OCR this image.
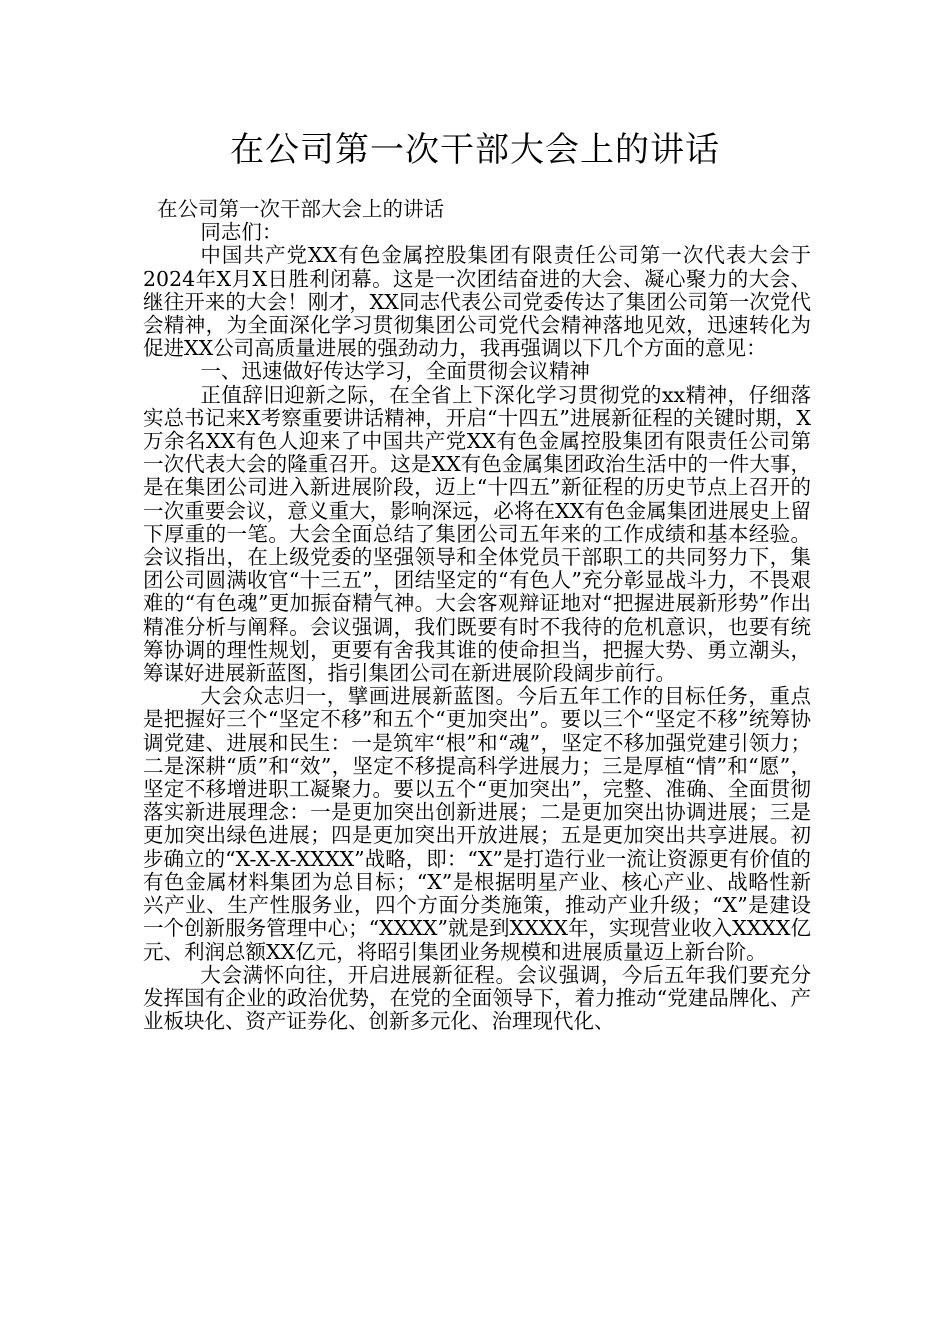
在公司第一次干部大会上的讲话

在公司第一次干部大会上的讲话

同志们：

中国共产党XX有色金属控股集团有限责任公司第一次代表大会于2024年X月X日胜利闭幕。这是一次团结奋进的大会、凝心聚力的大会、继往开来的大会！刚才，XX同志代表公司党委传达了集团公司第一次党代会精神，为全面深化学习贯彻集团公司党代会精神落地见效，迅速转化为促进XX公司高质量进展的强劲动力，我再强调以下几个方面的意见：

一、迅速做好传达学习，全面贯彻会议精神

正值辞旧迎新之际，在全省上下深化学习贯彻党的xx精神，仔细落实总书记来X考察重要讲话精神，开启“十四五”进展新征程的关键时期，X万余名XX有色人迎来了中国共产党XX有色金属控股集团有限责任公司第一次代表大会的隆重召开。这是XX有色金属集团政治生活中的一件大事，是在集团公司进入新进展阶段，迈上“十四五”新征程的历史节点上召开的一次重要会议，意义重大，影响深远，必将在XX有色金属集团进展史上留下厚重的一笔。大会全面总结了集团公司五年来的工作成绩和基本经验。会议指出，在上级党委的坚强领导和全体党员干部职工的共同努力下，集团公司圆满收官“十三五”，团结坚定的“有色人”充分彰显战斗力，不畏艰难的“有色魂”更加振奋精气神。大会客观辩证地对“把握进展新形势”作出精准分析与阐释。会议强调，我们既要有时不我待的危机意识，也要有统筹协调的理性规划，更要有舍我其谁的使命担当，把握大势、勇立潮头，筹谋好进展新蓝图，指引集团公司在新进展阶段阔步前行。

大会众志归一，擘画进展新蓝图。今后五年工作的目标任务，重点是把握好三个“坚定不移”和五个“更加突出”。要以三个“坚定不移”统筹协调党建、进展和民生：一是筑牢“根”和“魂”，坚定不移加强党建引领力；二是深耕“质”和“效”，坚定不移提高科学进展力；三是厚植“情”和“愿”，坚定不移增进职工凝聚力。要以五个“更加突出”，完整、准确、全面贯彻落实新进展理念：一是更加突出创新进展；二是更加突出协调进展；三是更加突出绿色进展；四是更加突出开放进展；五是更加突出共享进展。初步确立的“X-X-X-XXXX”战略，即：“X”是打造行业一流让资源更有价值的有色金属材料集团为总目标；“X”是根据明星产业、核心产业、战略性新兴产业、生产性服务业，四个方面分类施策，推动产业升级；“X”是建设一个创新服务管理中心；“XXXX”就是到XXXX年，实现营业收入XXXX亿元、利润总额XX亿元，将昭引集团业务规模和进展质量迈上新台阶。

大会满怀向往，开启进展新征程。会议强调，今后五年我们要充分发挥国有企业的政治优势，在党的全面领导下，着力推动“党建品牌化、产业板块化、资产证券化、创新多元化、治理现代化、
